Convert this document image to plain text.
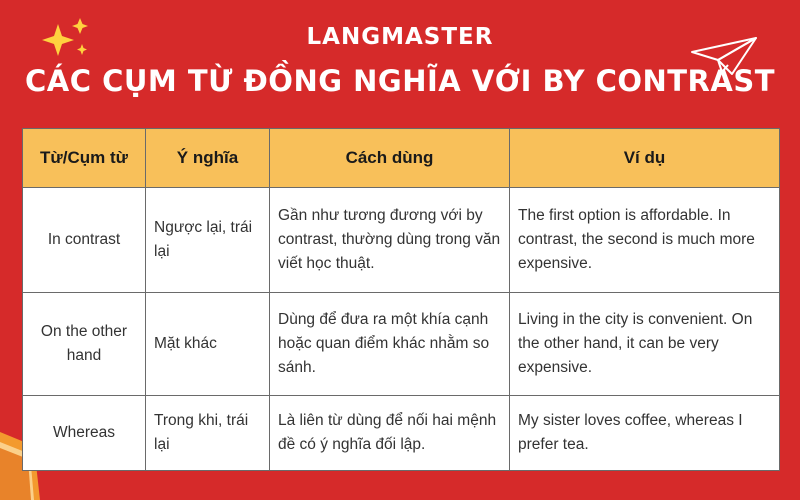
LANGMASTER
CÁC CỤM TỪ ĐỒNG NGHĨA VỚI BY CONTRAST
Từ/Cụm từ	Ý nghĩa	Cách dùng	Ví dụ
In contrast	Ngược lại, trái lại	Gần như tương đương với by contrast, thường dùng trong văn viết học thuật.	The first option is affordable. In contrast, the second is much more expensive.
On the other hand	Mặt khác	Dùng để đưa ra một khía cạnh hoặc quan điểm khác nhằm so sánh.	Living in the city is convenient. On the other hand, it can be very expensive.
Whereas	Trong khi, trái lại	Là liên từ dùng để nối hai mệnh đề có ý nghĩa đối lập.	My sister loves coffee, whereas I prefer tea.
